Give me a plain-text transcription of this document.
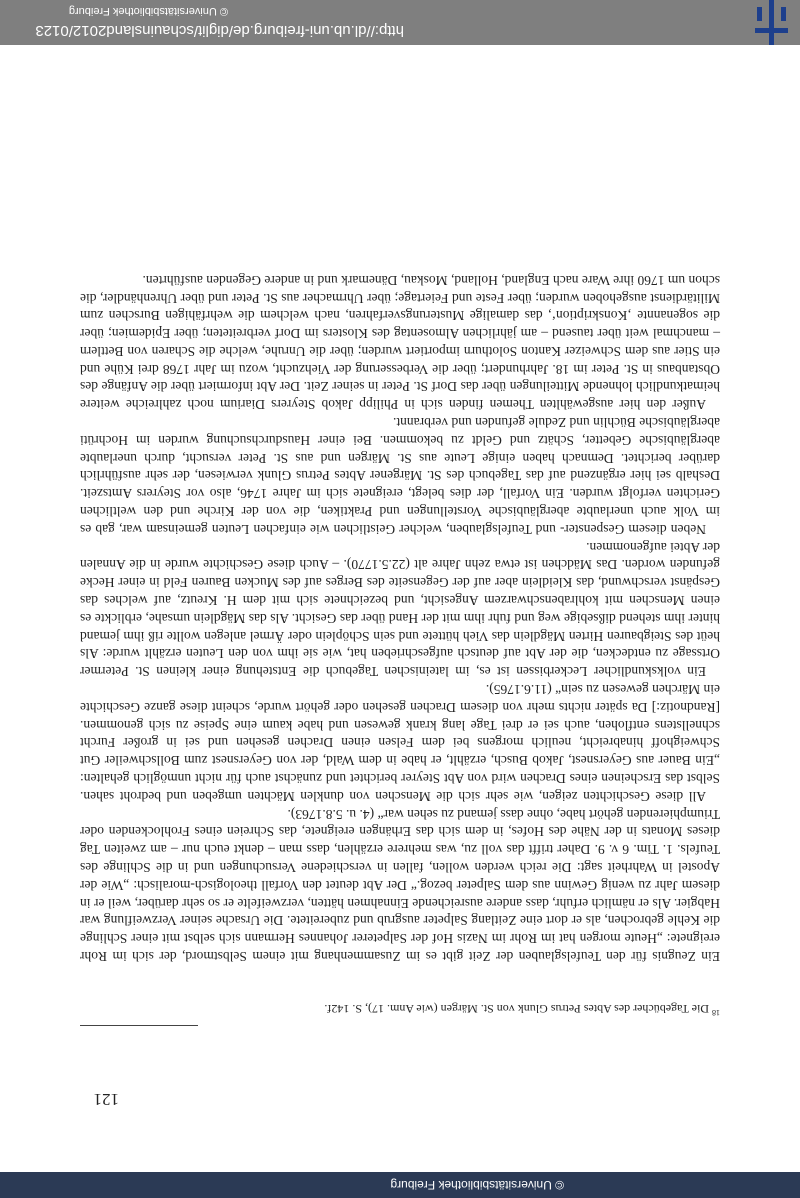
© Universitätsbibliothek Freiburg
121

Ein Zeugnis für den Teufelsglauben der Zeit gibt es im Zusammenhang mit einem Selbstmord, der sich im Rohr ereignete: „Heute morgen hat im Rohr im Nazis Hof der Salpeterer Johannes Hermann sich selbst mit einer Schlinge die Kehle gebrochen, als er dort eine Zeitlang Salpeter ausgrub und zubereitete. Die Ursache seiner Verzweiflung war Habgier. Als er nämlich erfuhr, dass andere ausreichende Einnahmen hätten, verzweifelte er so sehr darüber, weil er in diesem Jahr zu wenig Gewinn aus dem Salpeter bezog.“ Der Abt deutet den Vorfall theologisch-moralisch: „Wie der Apostel in Wahrheit sagt: Die reich werden wollen, fallen in verschiedene Versuchungen und in die Schlinge des Teufels. 1. Tim. 6 v. 9. Daher trifft das voll zu, was mehrere erzählen, dass man – denkt euch nur – am zweiten Tag dieses Monats in der Nähe des Hofes, in dem sich das Erhängen ereignete, das Schreien eines Frohlockenden oder Triumphierenden gehört habe, ohne dass jemand zu sehen war“ (4. u. 5.8.1763).

All diese Geschichten zeigen, wie sehr sich die Menschen von dunklen Mächten umgeben und bedroht sahen. Selbst das Erscheinen eines Drachen wird von Abt Steyrer berichtet und zunächst auch für nicht unmöglich gehalten: „Ein Bauer aus Geyersnest, Jakob Busch, erzählt, er habe in dem Wald, der von Geyersnest zum Bollschweiler Gut Schweighoff hinabreicht, neulich morgens bei dem Felsen einen Drachen gesehen und sei in großer Furcht schnellstens entflohen, auch sei er drei Tage lang krank gewesen und habe kaum eine Speise zu sich genommen. [Randnotiz:] Da später nichts mehr von diesem Drachen gesehen oder gehört wurde, scheint diese ganze Geschichte ein Märchen gewesen zu sein“ (11.6.1765).

Ein volkskundlicher Leckerbissen ist es, im lateinischen Tagebuch die Entstehung einer kleinen St. Petermer Ortssage zu entdecken, die der Abt auf deutsch aufgeschrieben hat, wie sie ihm von den Leuten erzählt wurde: Als heüt des Steigbauren Hirten Mägdlein das Vieh hüttete und sein Schöplein oder Ärmel anlegen wollte riß ihm jemand hinter ihm stehend dißsebige weg und fuhr ihm mit der Hand über das Gesicht. Als das Mägdlein umsahe, erblickte es einen Menschen mit kohlrabenschwarzem Angesicht, und bezeichnete sich mit dem H. Kreutz, auf welches das Gespänst verschwund, das Kleidlein aber auf der Gegenseite des Berges auf des Mucken Bauren Feld in einer Hecke gefunden worden. Das Mädchen ist etwa zehn Jahre alt (22.5.1770). – Auch diese Geschichte wurde in die Annalen der Abtei aufgenommen.

Neben diesem Gespenster- und Teufelsglauben, welcher Geistlichen wie einfachen Leuten gemeinsam war, gab es im Volk auch unerlaubte abergläubische Vorstellungen und Praktiken, die von der Kirche und den weltlichen Gerichten verfolgt wurden. Ein Vorfall, der dies belegt, ereignete sich im Jahre 1746, also vor Steyrers Amtszeit. Deshalb sei hier ergänzend auf das Tagebuch des St. Märgener Abtes Petrus Glunk verwiesen, der sehr ausführlich darüber berichtet. Demnach haben einige Leute aus St. Märgen und aus St. Peter versucht, durch unerlaubte abergläubische Gebetter, Schätz und Geldt zu bekommen. Bei einer Hausdurchsuchung wurden im Hochrüti abergläubische Büchlin und Zedule gefunden und verbrannt.

Außer den hier ausgewählten Themen finden sich in Philipp Jakob Steyrers Diarium noch zahlreiche weitere heimatkundlich lohnende Mitteilungen über das Dorf St. Peter in seiner Zeit. Der Abt informiert über die Anfänge des Obstanbaus in St. Peter im 18. Jahrhundert; über die Verbesserung der Viehzucht, wozu im Jahr 1768 drei Kühe und ein Stier aus dem Schweizer Kanton Solothurn importiert wurden; über die Unruhe, welche die Scharen von Bettlern – manchmal weit über tausend – am jährlichen Almosentag des Klosters im Dorf verbreiteten; über Epidemien; über die sogenannte ‚Konskription‘, das damalige Musterungsverfahren, nach welchem die wehrfähigen Burschen zum Militärdienst ausgehoben wurden; über Feste und Feiertage; über Uhrmacher aus St. Peter und über Uhrenhändler, die schon um 1760 ihre Ware nach England, Holland, Moskau, Dänemark und in andere Gegenden ausführten.

$^{18}$ Die Tagebücher des Abtes Petrus Glunk von St. Märgen (wie Anm. 17), S. 142f.
http://dl.ub.uni-freiburg.de/diglit/schauinsland2012/0123
© Universitätsbibliothek Freiburg
